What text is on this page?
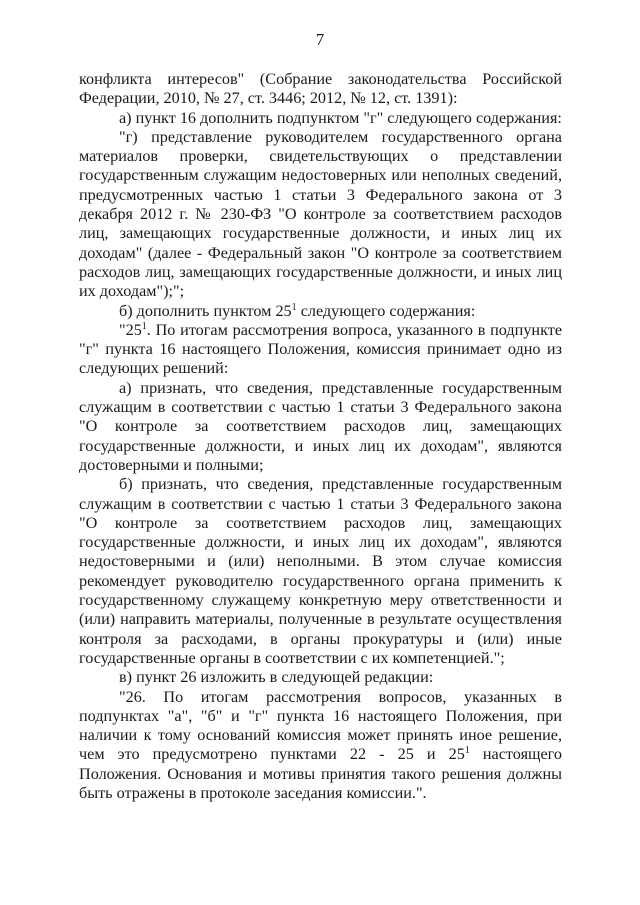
7

конфликта интересов" (Собрание законодательства Российской Федерации, 2010, № 27, ст. 3446; 2012, № 12, ст. 1391):

а) пункт 16 дополнить подпунктом "г" следующего содержания:

"г) представление руководителем государственного органа материалов проверки, свидетельствующих о представлении государственным служащим недостоверных или неполных сведений, предусмотренных частью 1 статьи 3 Федерального закона от 3 декабря 2012 г. № 230-ФЗ "О контроле за соответствием расходов лиц, замещающих государственные должности, и иных лиц их доходам" (далее - Федеральный закон "О контроле за соответствием расходов лиц, замещающих государственные должности, и иных лиц их доходам");";

б) дополнить пунктом $25^1$ следующего содержания:

"$25^1$. По итогам рассмотрения вопроса, указанного в подпункте "г" пункта 16 настоящего Положения, комиссия принимает одно из следующих решений:

а) признать, что сведения, представленные государственным служащим в соответствии с частью 1 статьи 3 Федерального закона "О контроле за соответствием расходов лиц, замещающих государственные должности, и иных лиц их доходам", являются достоверными и полными;

б) признать, что сведения, представленные государственным служащим в соответствии с частью 1 статьи 3 Федерального закона "О контроле за соответствием расходов лиц, замещающих государственные должности, и иных лиц их доходам", являются недостоверными и (или) неполными. В этом случае комиссия рекомендует руководителю государственного органа применить к государственному служащему конкретную меру ответственности и (или) направить материалы, полученные в результате осуществления контроля за расходами, в органы прокуратуры и (или) иные государственные органы в соответствии с их компетенцией.";

в) пункт 26 изложить в следующей редакции:

"26. По итогам рассмотрения вопросов, указанных в подпунктах "а", "б" и "г" пункта 16 настоящего Положения, при наличии к тому оснований комиссия может принять иное решение, чем это предусмотрено пунктами 22 - 25 и $25^1$ настоящего Положения. Основания и мотивы принятия такого решения должны быть отражены в протоколе заседания комиссии.".
